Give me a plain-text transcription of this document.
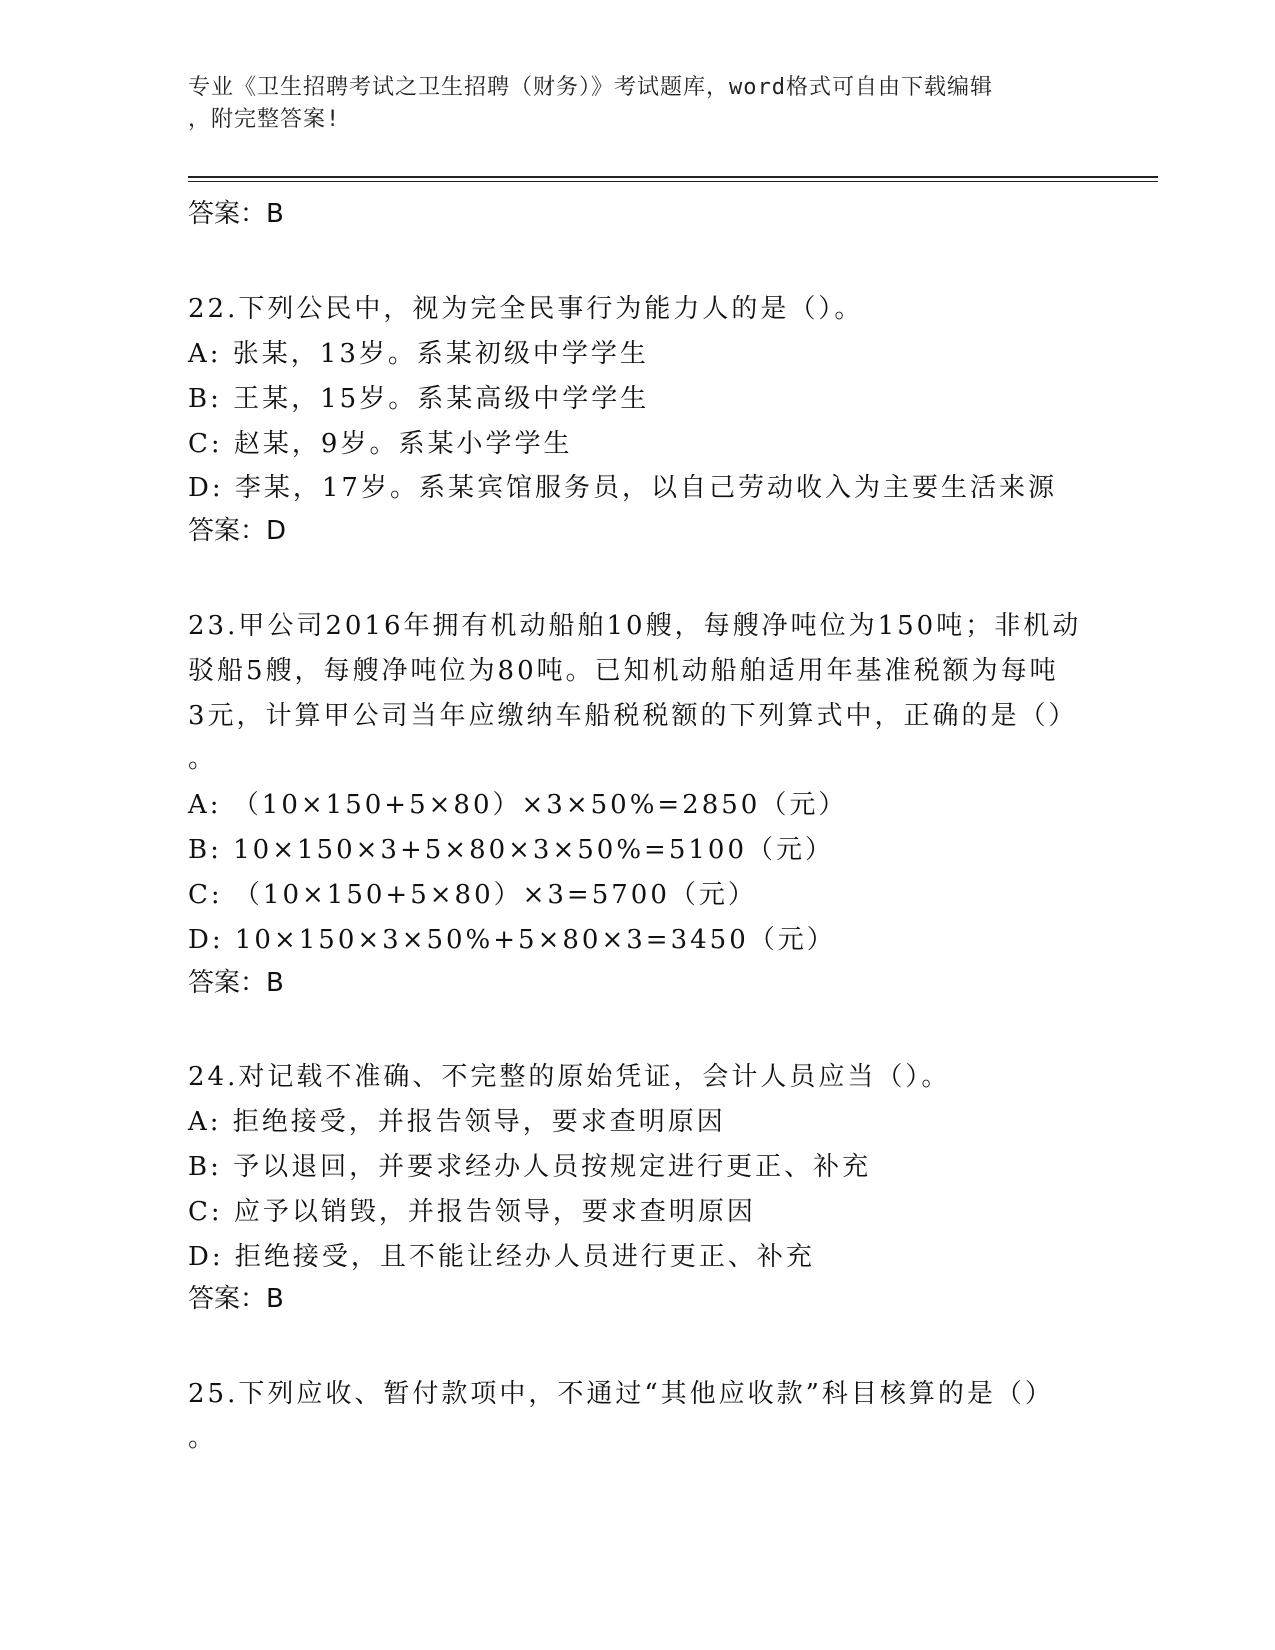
专业《卫生招聘考试之卫生招聘（财务）》考试题库，word格式可自由下载编辑
，附完整答案!
答案：B
22.下列公民中，视为完全民事行为能力人的是（）。
A: 张某，13岁。系某初级中学学生
B: 王某，15岁。系某高级中学学生
C: 赵某，9岁。系某小学学生
D: 李某，17岁。系某宾馆服务员，以自己劳动收入为主要生活来源
答案：D
23.甲公司2016年拥有机动船舶10艘，每艘净吨位为150吨；非机动
驳船5艘，每艘净吨位为80吨。已知机动船舶适用年基准税额为每吨
3元，计算甲公司当年应缴纳车船税税额的下列算式中，正确的是（）
。
A: （10×150+5×80）×3×50%=2850（元）
B: 10×150×3+5×80×3×50%=5100（元）
C: （10×150+5×80）×3=5700（元）
D: 10×150×3×50%+5×80×3=3450（元）
答案：B
24.对记载不准确、不完整的原始凭证，会计人员应当（）。
A: 拒绝接受，并报告领导，要求查明原因
B: 予以退回，并要求经办人员按规定进行更正、补充
C: 应予以销毁，并报告领导，要求查明原因
D: 拒绝接受，且不能让经办人员进行更正、补充
答案：B
25.下列应收、暂付款项中，不通过“其他应收款”科目核算的是（）
。
